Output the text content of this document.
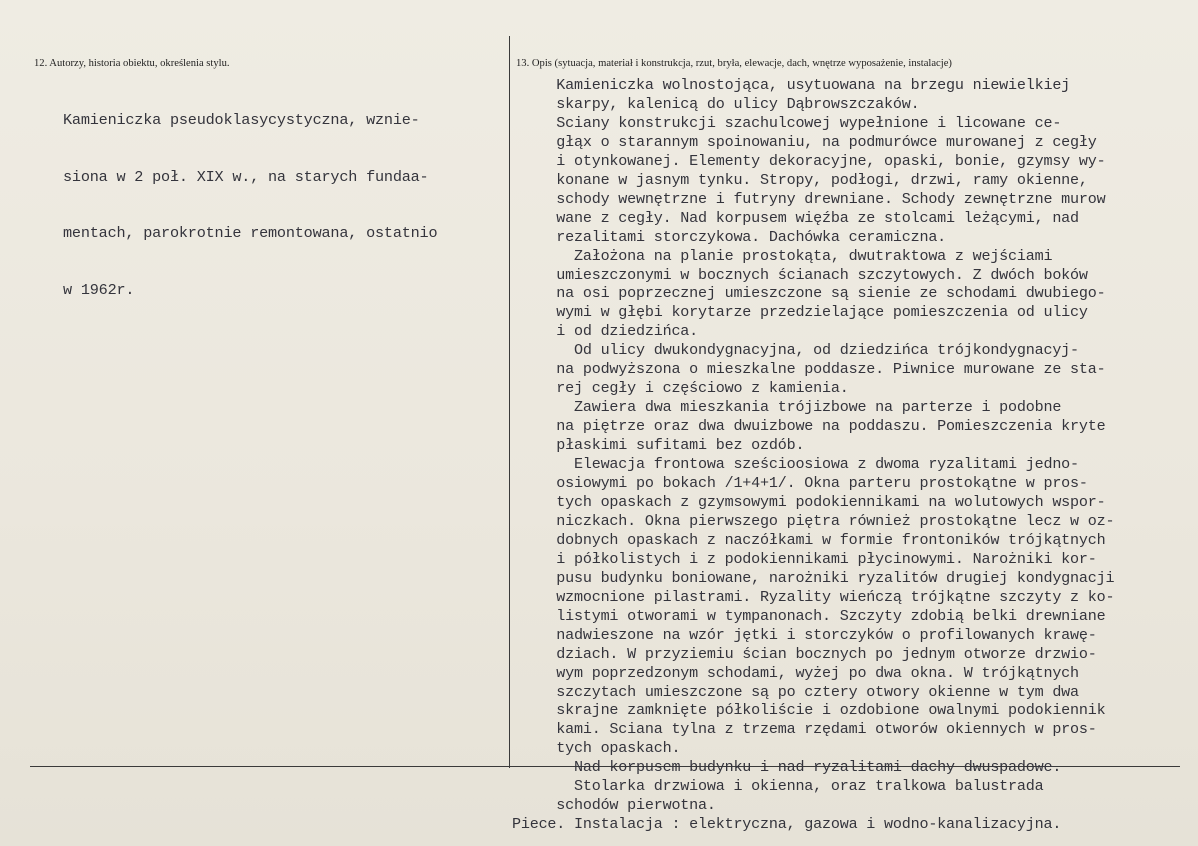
12. Autorzy, historia obiektu, określenia stylu.	13. Opis (sytuacja, materiał i konstrukcja, rzut, bryła, elewacje, dach, wnętrze wyposażenie, instalacje)

Kamieniczka pseudoklasycystyczna, wznie-

siona w 2 poł. XIX w., na starych fundaa-

mentach, parokrotnie remontowana, ostatnio

w 1962r.

Kamieniczka wolnostojąca, usytuowana na brzegu niewielkiej
skarpy, kalenicą do ulicy Dąbrowszczaków.
Sciany konstrukcji szachulcowej wypełnione i licowane ce-
głąx o starannym spoinowaniu, na podmurówce murowanej z cegły
i otynkowanej. Elementy dekoracyjne, opaski, bonie, gzymsy wy-
konane w jasnym tynku. Stropy, podłogi, drzwi, ramy okienne,
schody wewnętrzne i futryny drewniane. Schody zewnętrzne murow
wane z cegły. Nad korpusem więźba ze stolcami leżącymi, nad
rezalitami storczykowa. Dachówka ceramiczna.
Założona na planie prostokąta, dwutraktowa z wejściami
umieszczonymi w bocznych ścianach szczytowych. Z dwóch boków
na osi poprzecznej umieszczone są sienie ze schodami dwubiego-
wymi w głębi korytarze przedzielające pomieszczenia od ulicy
i od dziedzińca.
Od ulicy dwukondygnacyjna, od dziedzińca trójkondygnacyj-
na podwyższona o mieszkalne poddasze. Piwnice murowane ze sta-
rej cegły i częściowo z kamienia.
Zawiera dwa mieszkania trójizbowe na parterze i podobne
na piętrze oraz dwa dwuizbowe na poddaszu. Pomieszczenia kryte
płaskimi sufitami bez ozdób.
Elewacja frontowa sześcioosiowa z dwoma ryzalitami jedno-
osiowymi po bokach /1+4+1/. Okna parteru prostokątne w pros-
tych opaskach z gzymsowymi podokiennikami na wolutowych wspor-
niczkach. Okna pierwszego piętra również prostokątne lecz w oz-
dobnych opaskach z naczółkami w formie frontoników trójkątnych
i półkolistych i z podokiennikami płycinowymi. Narożniki kor-
pusu budynku boniowane, narożniki ryzalitów drugiej kondygnacji
wzmocnione pilastrami. Ryzality wieńczą trójkątne szczyty z ko-
listymi otworami w tympanonach. Szczyty zdobią belki drewniane
nadwieszone na wzór jętki i storczyków o profilowanych krawę-
dziach. W przyziemiu ścian bocznych po jednym otworze drzwio-
wym poprzedzonym schodami, wyżej po dwa okna. W trójkątnych
szczytach umieszczone są po cztery otwory okienne w tym dwa
skrajne zamknięte półkoliście i ozdobione owalnymi podokiennik
kami. Sciana tylna z trzema rzędami otworów okiennych w pros-
tych opaskach.
Nad korpusem budynku i nad ryzalitami dachy dwuspadowe.
Stolarka drzwiowa i okienna, oraz tralkowa balustrada
schodów pierwotna.
Piece. Instalacja : elektryczna, gazowa i wodno-kanalizacyjna.
